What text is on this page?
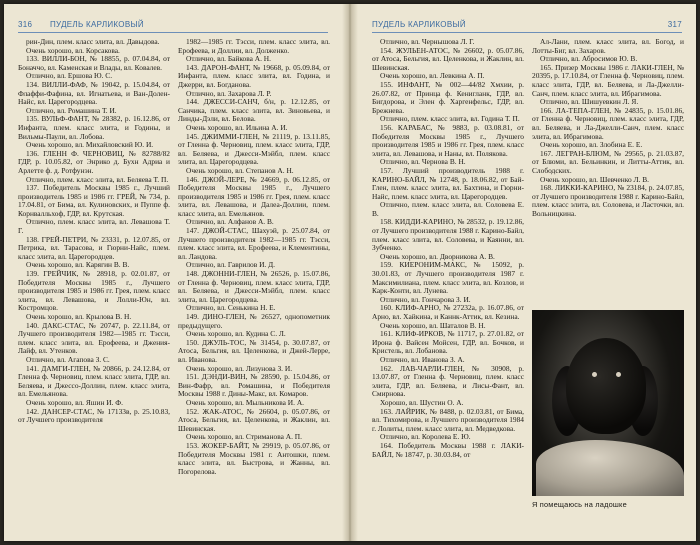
316 ПУДЕЛЬ КАРЛИКОВЫЙ

рин-Дин, плем. класс элита, вл. Давыдова.

Очень хорошо, вл. Корсакова.

133. ВИЛЛИ-БОН, № 18855, р. 07.04.84, от Боначчо, вл. Каменская и Влады, вл. Ковалев.

Отлично, вл. Ершова Ю. С.

134. ВИЛЛИ-ФАФ, № 19042, р. 15.04.84, от Флаффи-Фафина, вл. Игнатьева, и Ван-Долен-Найс, вл. Царегородцева.

Отлично, вл. Ромашина Т. И.

135. ВУЛЬФ-ФАНТ, № 28382, р. 16.12.86, от Инфанта, плем. класс элита, и Годины, и Вильмы-Паули, вл. Лобова.

Очень хорошо, вл. Михайловский Ю. И.

136. ГЛЕНН Ф. ЧЕРНОВИЦ, № 82788/82 ГДР, р. 10.05.82, от Энрико д. Бухн Адриа и Арлетте ф. д. Ротфунэн.

Отлично, плем. класс элита, вл. Беляева Т. П.

137. Победитель Москвы 1985 г., Лучший производитель 1985 и 1986 гг. ГРЕЙ, № 734, р. 17.04.81, от Бима, вл. Кулиновских, и Пуппе ф. Корнвалльхоф, ГДР, вл. Крутская.

Отлично, плем. класс элита, вл. Левашова Т. Г.

138. ГРЕЙ-ПЕТРИ, № 23331, р. 12.07.85, от Петрика, вл. Тарасова, и Гюрни-Найс, плем. класс элита, вл. Царегородцев.

Очень хорошо, вл. Карягин В. В.

139. ГРЕЙЧИК, № 28918, р. 02.01.87, от Победителя Москвы 1985 г., Лучшего производителя 1985 и 1986 гг. Грея, плем. класс элита, вл. Левашова, и Лолли-Юн, вл. Костромцов.

Очень хорошо, вл. Крылова В. Н.

140. ДАКС-СТАС, № 20747, р. 22.11.84, от Лучшего производителя 1982—1985 гг. Тэсси, плем. класс элита, вл. Ерофеева, и Джения-Лайф, вл. Утенков.

Отлично, вл. Агапова З. С.

141. ДАМГИ-ГЛЕН, № 20866, р. 24.12.84, от Гленна ф. Черновиц, плем. класс элита, ГДР, вл. Беляева, и Джессо-Доллин, плем. класс элита, вл. Емельянова.

Очень хорошо, вл. Яшин И. Ф.

142. ДАНСЕР-СТАС, № 17133в, р. 25.10.83, от Лучшего производителя

1982—1985 гг. Тэсси, плем. класс элита, вл. Ерофеева, и Доллии, вл. Долженко.

Отлично, вл. Байкова А. Н.

143. ДАРОН-ФАНТ, № 19668, р. 05.09.84, от Инфанта, плем. класс элита, вл. Година, и Джерри, вл. Богданова.

Отлично, вл. Захарова Л. Р.

144. ДЖЕССИ-САНЧ, б/н, р. 12.12.85, от Санчика, плем. класс элита, вл. Зиновьева, и Линды-Дэли, вл. Белова.

Очень хорошо, вл. Ильина А. И.

145. ДЖИММИ-ГЛЕН, № 21119, р. 13.11.85, от Гленна ф. Черновиц, плем. класс элита, ГДР, вл. Беляева, и Джесси-Мэйбл, плем. класс элита, вл. Царегородцева.

Очень хорошо, вл. Степанов А. Н.

146. ДЖОЙ-ЛЕРЕ, № 24669, р. 06.12.85, от Победителя Москвы 1985 г., Лучшего производителя 1985 и 1986 гг. Грея, плем. класс элита, вл. Левашова, и Далеа-Доллии, плем. класс элита, вл. Емельянов.

Отлично, вл. Алфанов А. В.

147. ДЖОЙ-СТАС, Шахуэй, р. 25.07.84, от Лучшего производителя 1982—1985 гг. Тэсси, плем. класс элита, вл. Ерофеева, и Клементины, вл. Ландова.

Отлично, вл. Гаврилов И. Д.

148. ДЖОННИ-ГЛЕН, № 26526, р. 15.07.86, от Гленна ф. Черновиц, плем. класс элита, ГДР, вл. Беляева, и Джесси-Мэйбл, плем. класс элита, вл. Царегородцева.

Отлично, вл. Сенькина Н. Е.

149. ДИНО-ГЛЕН, № 26527, однопометник предыдущего.

Очень хорошо, вл. Кудина С. Л.

150. ДЖУЛЬ-ТОС, № 31454, р. 30.07.87, от Атоса, Бельгия, вл. Целенкова, и Джей-Лерре, вл. Иванова.

Очень хорошо, вл. Лизунова З. И.

151. ДЭНДИ-ВИН, № 28590, р. 15.04.86, от Вин-Фафр, вл. Ромашина, и Победителя Москвы 1988 г. Дины-Макс, вл. Комаров.

Очень хорошо, вл. Мыльникова И. А.

152. ЖАК-АТОС, № 26604, р. 05.07.86, от Атоса, Бельгия, вл. Целенкова, и Жаклин, вл. Шевинская.

Очень хорошо, вл. Стриманова А. П.

153. ЖОКЕР-БАЙТ, № 29919, р. 05.07.86, от Победителя Москвы 1981 г. Антошки, плем. класс элита, вл. Быстрова, и Жанны, вл. Погорелова.

ПУДЕЛЬ КАРЛИКОВЫЙ	317

Отлично, вл. Чернышова Л. Г.

154. ЖУЛЬЕН-АТОС, № 26602, р. 05.07.86, от Атоса, Бельгия, вл. Целенкова, и Жаклин, вл. Шевинская.

Очень хорошо, вл. Левкина А. П.

155. ИНФАНТ, № 002—44/82 Хмхии, р. 26.07.82, от Принца ф. Кенигланк, ГДР, вл. Бигдорова, и Элен ф. Харгенфельс, ГДР, вл. Брежнева.

Отлично, плем. класс элита, вл. Година Т. П.

156. КАРАБАС, № 9883, р. 03.08.81, от Победителя Москвы 1985 г., Лучшего производителя 1985 и 1986 гг. Грея, плем. класс элита, вл. Левашова, и Наны, вл. Полякова.

Отлично, вл. Чернова В. Н.

157. Лучший производитель 1988 г. КАРИНО-БАЙЛ, № 12748, р. 18.06.82, от Бай-Глен, плем. класс элита, вл. Бахтина, и Гюрни-Найс, плем. класс элита, вл. Царегородцев.

Отлично, плем. класс элита, вл. Соловева Е. В.

158. КИДДИ-КАРИНО, № 28532, р. 19.12.86, от Лучшего производителя 1988 г. Карино-Байл, плем. класс элита, вл. Соловева, и Каянни, вл. Зубченко.

Очень хорошо, вл. Дворникова А. В.

159. КИЕРОНИМ-МАКС, № 15092, р. 30.01.83, от Лучшего производителя 1987 г. Максимилиана, плем. класс элита, вл. Козлов, и Карк-Конти, вл. Лунева.

Отлично, вл. Гончарова З. И.

160. КЛИФ-АРНО, № 27232а, р. 16.07.86, от Арно, вл. Хайкина, и Каннк-Аттик, вл. Кезина.

Очень хорошо, вл. Шаталов В. Н.

161. КЛИФ-ИРКОВ, № 11717, р. 27.01.82, от Ирона ф. Вайсен Мойсен, ГДР, вл. Бочков, и Кристель, вл. Лобанова.

Отлично, вл. Иванова З. А.

162. ЛАВ-ЧАРЛИ-ГЛЕН, № 30908, р. 13.07.87, от Гленна ф. Черновиц, плем. класс элита, ГДР, вл. Беляева, и Лисы-Фант, вл. Смирнова.

Хорошо, вл. Шустин О. А.

163. ЛАЙРИК, № 8488, р. 02.03.81, от Бима, вл. Тихомирова, и Лучшего производителя 1984 г. Лолиты, плем. класс элита, вл. Медведкова.

Отлично, вл. Королева Е. Ю.

164. Победитель Москвы 1988 г. ЛАКИ-БАЙЛ, № 18747, р. 30.03.84, от

Ал-Лани, плем. класс элита, вл. Богод, и Лотты-Биг, вл. Захаров.

Отлично, вл. Абросимов Ю. В.

165. Призер Москвы 1986 г. ЛАКИ-ГЛЕН, № 20395, р. 17.10.84, от Гленна ф. Черновиц, плем. класс элита, ГДР, вл. Беляева, и Ла-Джелли-Санч, плем. класс элита, вл. Ибрагимова.

Отлично, вл. Шишуевкин Л. Я.

166. ЛА-ТЕПА-ГЛЕН, № 24835, р. 15.01.86, от Гленна ф. Черновиц, плем. класс элита, ГДР, вл. Беляева, и Ла-Джелли-Санч, плем. класс элита, вл. Ибрагимова.

Очень хорошо, вл. Злобина Е. Е.

167. ЛЕГРАН-БЛЮМ, № 29565, р. 21.03.87, от Блюми, вл. Бельинкин, и Литты-Аттик, вл. Слободских.

Очень хорошо, вл. Шевченко Л. В.

168. ЛИККИ-КАРИНО, № 23184, р. 24.07.85, от Лучшего производителя 1988 г. Карино-Байл, плем. класс элита, вл. Соловева, и Ласточки, вл. Вольницкина.

Я помещаюсь на ладошке
